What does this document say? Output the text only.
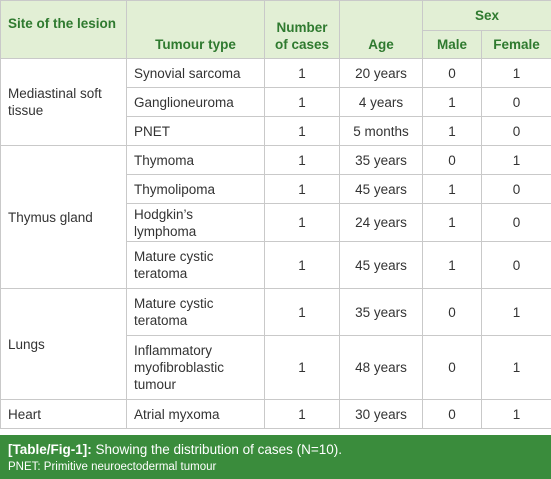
Site of the lesion	Tumour type	Number of cases	Age	Sex	
				Male	Female
Mediastinal soft tissue	Synovial sarcoma	1	20 years	0	1
	Ganglioneuroma	1	4 years	1	0
	PNET	1	5 months	1	0
Thymus gland	Thymoma	1	35 years	0	1
	Thymolipoma	1	45 years	1	0
	Hodgkin’s lymphoma	1	24 years	1	0
	Mature cystic teratoma	1	45 years	1	0
Lungs	Mature cystic teratoma	1	35 years	0	1
	Inflammatory myofibroblastic tumour	1	48 years	0	1
Heart	Atrial myxoma	1	30 years	0	1
[Table/Fig-1]: Showing the distribution of cases (N=10).
PNET: Primitive neuroectodermal tumour
